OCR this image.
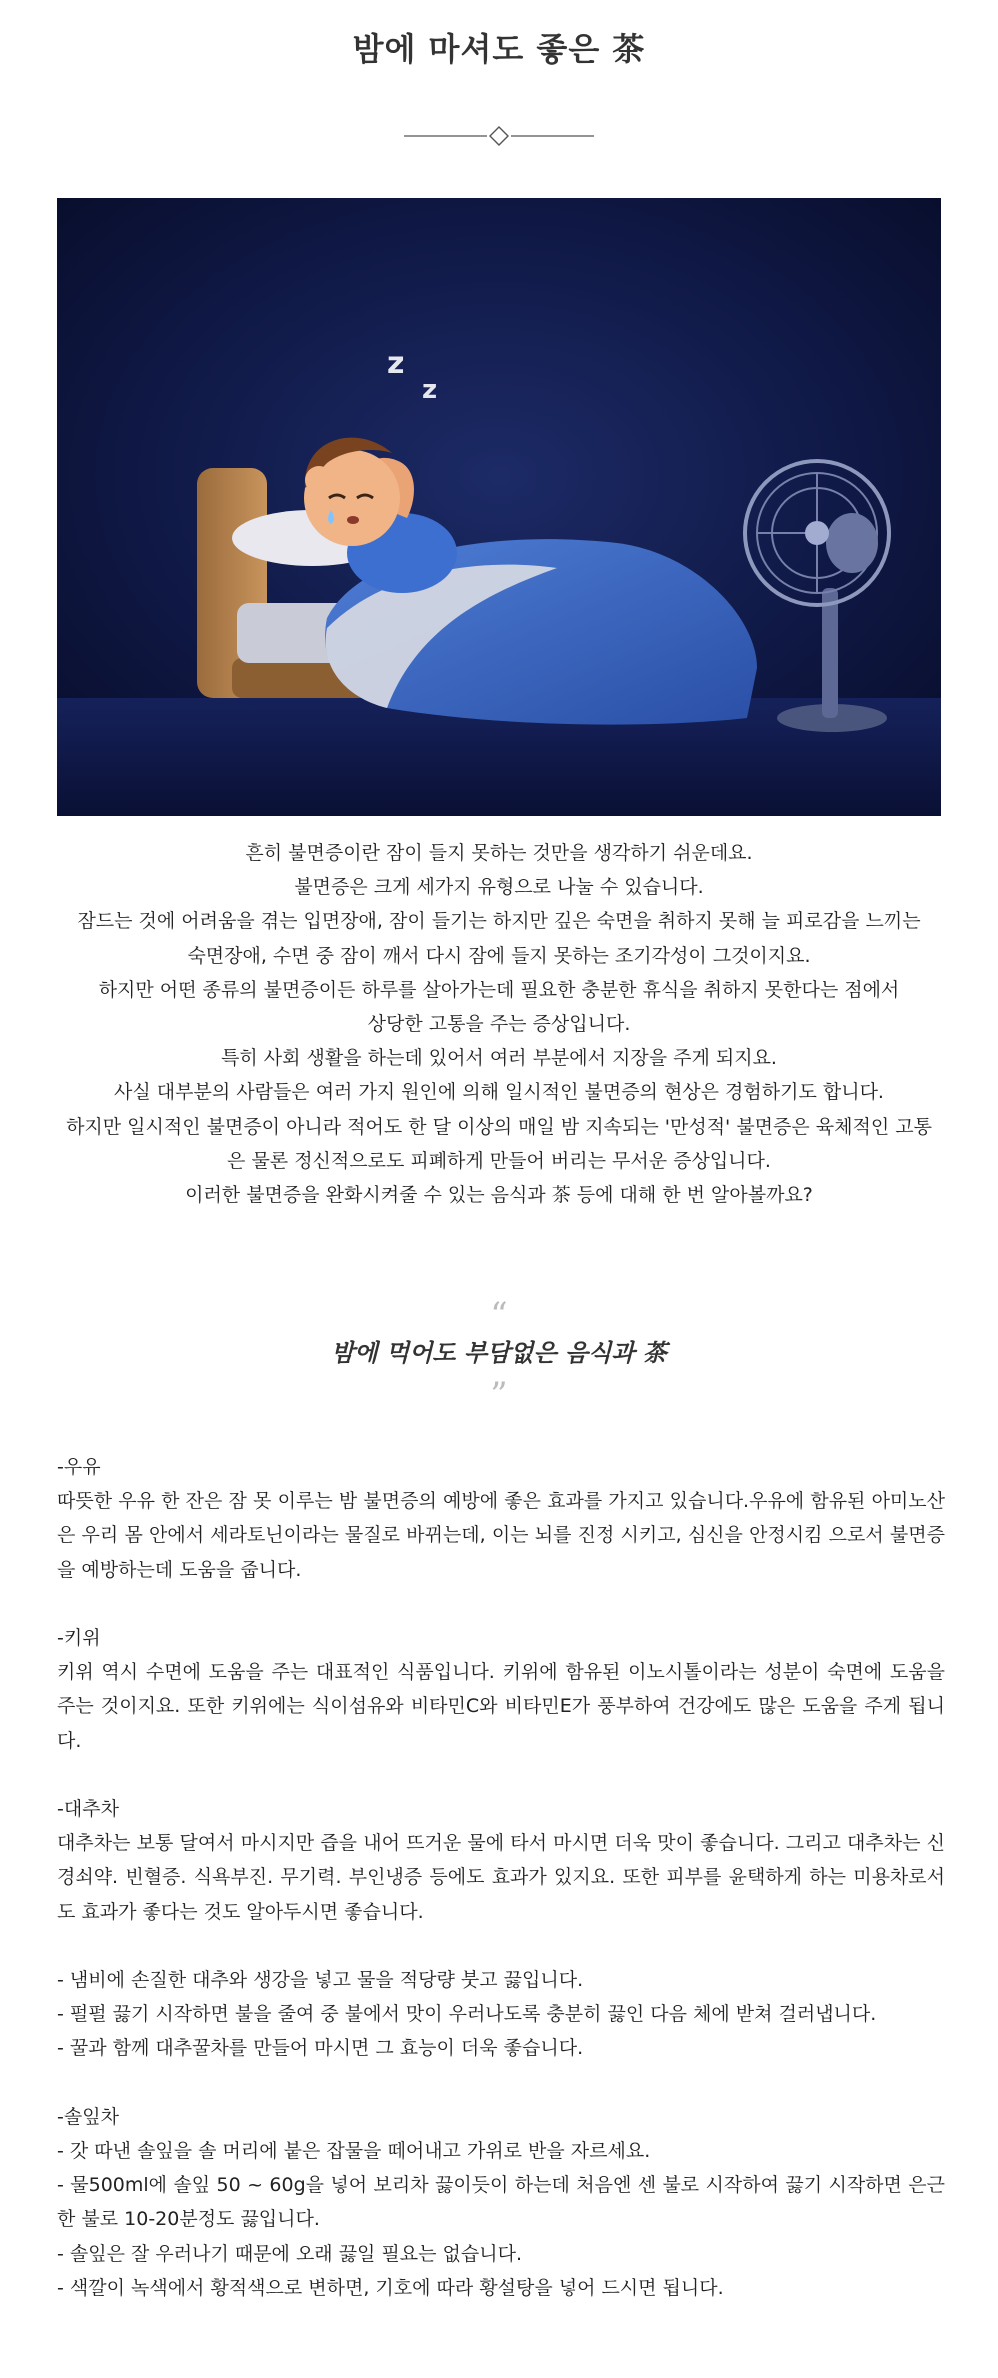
밤에 마셔도 좋은 茶
z
z

흔히 불면증이란 잠이 들지 못하는 것만을 생각하기 쉬운데요.

불면증은 크게 세가지 유형으로 나눌 수 있습니다.

잠드는 것에 어려움을 겪는 입면장애, 잠이 들기는 하지만 깊은 숙면을 취하지 못해 늘 피로감을 느끼는

숙면장애, 수면 중 잠이 깨서 다시 잠에 들지 못하는 조기각성이 그것이지요.

하지만 어떤 종류의 불면증이든 하루를 살아가는데 필요한 충분한 휴식을 취하지 못한다는 점에서

상당한 고통을 주는 증상입니다.

특히 사회 생활을 하는데 있어서 여러 부분에서 지장을 주게 되지요.

사실 대부분의 사람들은 여러 가지 원인에 의해 일시적인 불면증의 현상은 경험하기도 합니다.

하지만 일시적인 불면증이 아니라 적어도 한 달 이상의 매일 밤 지속되는 '만성적' 불면증은 육체적인 고통

은 물론 정신적으로도 피폐하게 만들어 버리는 무서운 증상입니다.

이러한 불면증을 완화시켜줄 수 있는 음식과 茶 등에 대해 한 번 알아볼까요?

“
밤에 먹어도 부담없은 음식과 茶
”

-우유

따뜻한 우유 한 잔은 잠 못 이루는 밤 불면증의 예방에 좋은 효과를 가지고 있습니다.우유에 함유된 아미노산은 우리 몸 안에서 세라토닌이라는 물질로 바뀌는데, 이는 뇌를 진정 시키고, 심신을 안정시킴 으로서 불면증을 예방하는데 도움을 줍니다.

-키위

키위 역시 수면에 도움을 주는 대표적인 식품입니다. 키위에 함유된 이노시톨이라는 성분이 숙면에 도움을 주는 것이지요. 또한 키위에는 식이섬유와 비타민C와 비타민E가 풍부하여 건강에도 많은 도움을 주게 됩니다.

-대추차

대추차는 보통 달여서 마시지만 즙을 내어 뜨거운 물에 타서 마시면 더욱 맛이 좋습니다. 그리고 대추차는 신경쇠약. 빈혈증. 식욕부진. 무기력. 부인냉증 등에도 효과가 있지요. 또한 피부를 윤택하게 하는 미용차로서도 효과가 좋다는 것도 알아두시면 좋습니다.

- 냄비에 손질한 대추와 생강을 넣고 물을 적당량 붓고 끓입니다.

- 펄펄 끓기 시작하면 불을 줄여 중 불에서 맛이 우러나도록 충분히 끓인 다음 체에 받쳐 걸러냅니다.

- 꿀과 함께 대추꿀차를 만들어 마시면 그 효능이 더욱 좋습니다.

-솔잎차

- 갓 따낸 솔잎을 솔 머리에 붙은 잡물을 떼어내고 가위로 반을 자르세요.

- 물500ml에 솔잎 50 ~ 60g을 넣어 보리차 끓이듯이 하는데 처음엔 센 불로 시작하여 끓기 시작하면 은근한 불로 10-20분정도 끓입니다.

- 솔잎은 잘 우러나기 때문에 오래 끓일 필요는 없습니다.

- 색깔이 녹색에서 황적색으로 변하면, 기호에 따라 황설탕을 넣어 드시면 됩니다.
